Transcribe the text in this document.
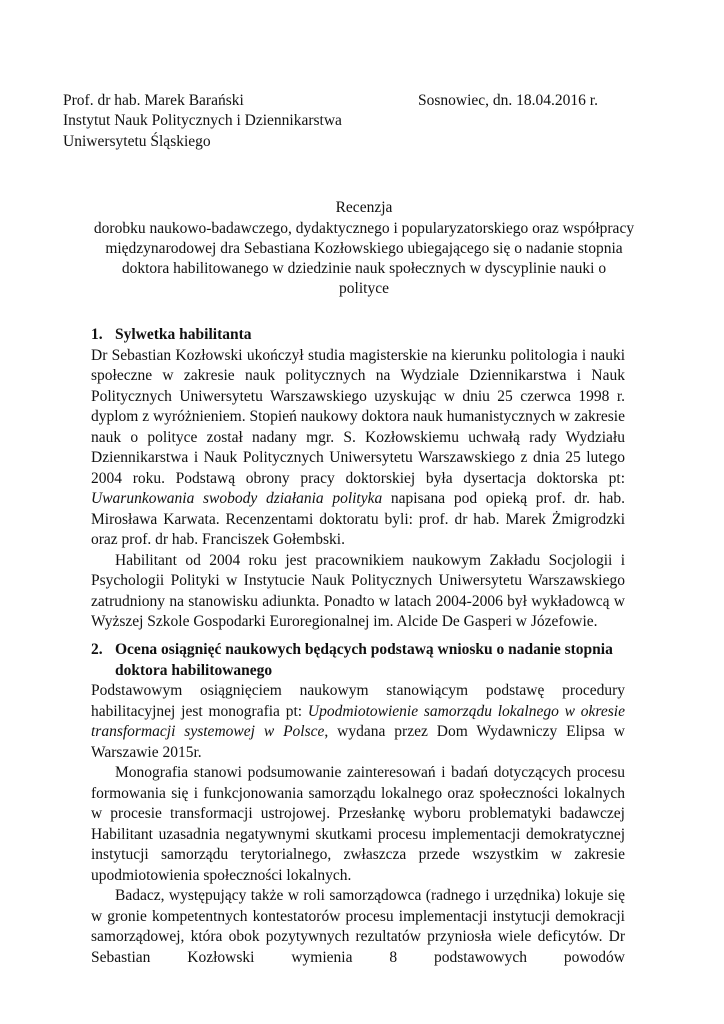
Prof. dr hab. Marek Barański
Instytut Nauk Politycznych i Dziennikarstwa
Uniwersytetu Śląskiego
Sosnowiec, dn. 18.04.2016 r.
Recenzja
dorobku naukowo-badawczego, dydaktycznego i popularyzatorskiego oraz współpracy
międzynarodowej dra Sebastiana Kozłowskiego ubiegającego się o nadanie stopnia
doktora habilitowanego w dziedzinie nauk społecznych w dyscyplinie nauki o
polityce
1. Sylwetka habilitanta

Dr Sebastian Kozłowski ukończył studia magisterskie na kierunku politologia i nauki społeczne w zakresie nauk politycznych na Wydziale Dziennikarstwa i Nauk Politycznych Uniwersytetu Warszawskiego uzyskując w dniu 25 czerwca 1998 r. dyplom z wyróżnieniem. Stopień naukowy doktora nauk humanistycznych w zakresie nauk o polityce został nadany mgr. S. Kozłowskiemu uchwałą rady Wydziału Dziennikarstwa i Nauk Politycznych Uniwersytetu Warszawskiego z dnia 25 lutego 2004 roku. Podstawą obrony pracy doktorskiej była dysertacja doktorska pt: Uwarunkowania swobody działania polityka napisana pod opieką prof. dr. hab. Mirosława Karwata. Recenzentami doktoratu byli: prof. dr hab. Marek Żmigrodzki oraz prof. dr hab. Franciszek Gołembski.

Habilitant od 2004 roku jest pracownikiem naukowym Zakładu Socjologii i Psychologii Polityki w Instytucie Nauk Politycznych Uniwersytetu Warszawskiego zatrudniony na stanowisku adiunkta. Ponadto w latach 2004-2006 był wykładowcą w Wyższej Szkole Gospodarki Euroregionalnej im. Alcide De Gasperi w Józefowie.

2. Ocena osiągnięć naukowych będących podstawą wniosku o nadanie stopnia
doktora habilitowanego

Podstawowym osiągnięciem naukowym stanowiącym podstawę procedury habilitacyjnej jest monografia pt: Upodmiotowienie samorządu lokalnego w okresie transformacji systemowej w Polsce, wydana przez Dom Wydawniczy Elipsa w Warszawie 2015r.

Monografia stanowi podsumowanie zainteresowań i badań dotyczących procesu formowania się i funkcjonowania samorządu lokalnego oraz społeczności lokalnych w procesie transformacji ustrojowej. Przesłankę wyboru problematyki badawczej Habilitant uzasadnia negatywnymi skutkami procesu implementacji demokratycznej instytucji samorządu terytorialnego, zwłaszcza przede wszystkim w zakresie upodmiotowienia społeczności lokalnych.

Badacz, występujący także w roli samorządowca (radnego i urzędnika) lokuje się w gronie kompetentnych kontestatorów procesu implementacji instytucji demokracji samorządowej, która obok pozytywnych rezultatów przyniosła wiele deficytów. Dr Sebastian Kozłowski wymienia 8 podstawowych powodów
